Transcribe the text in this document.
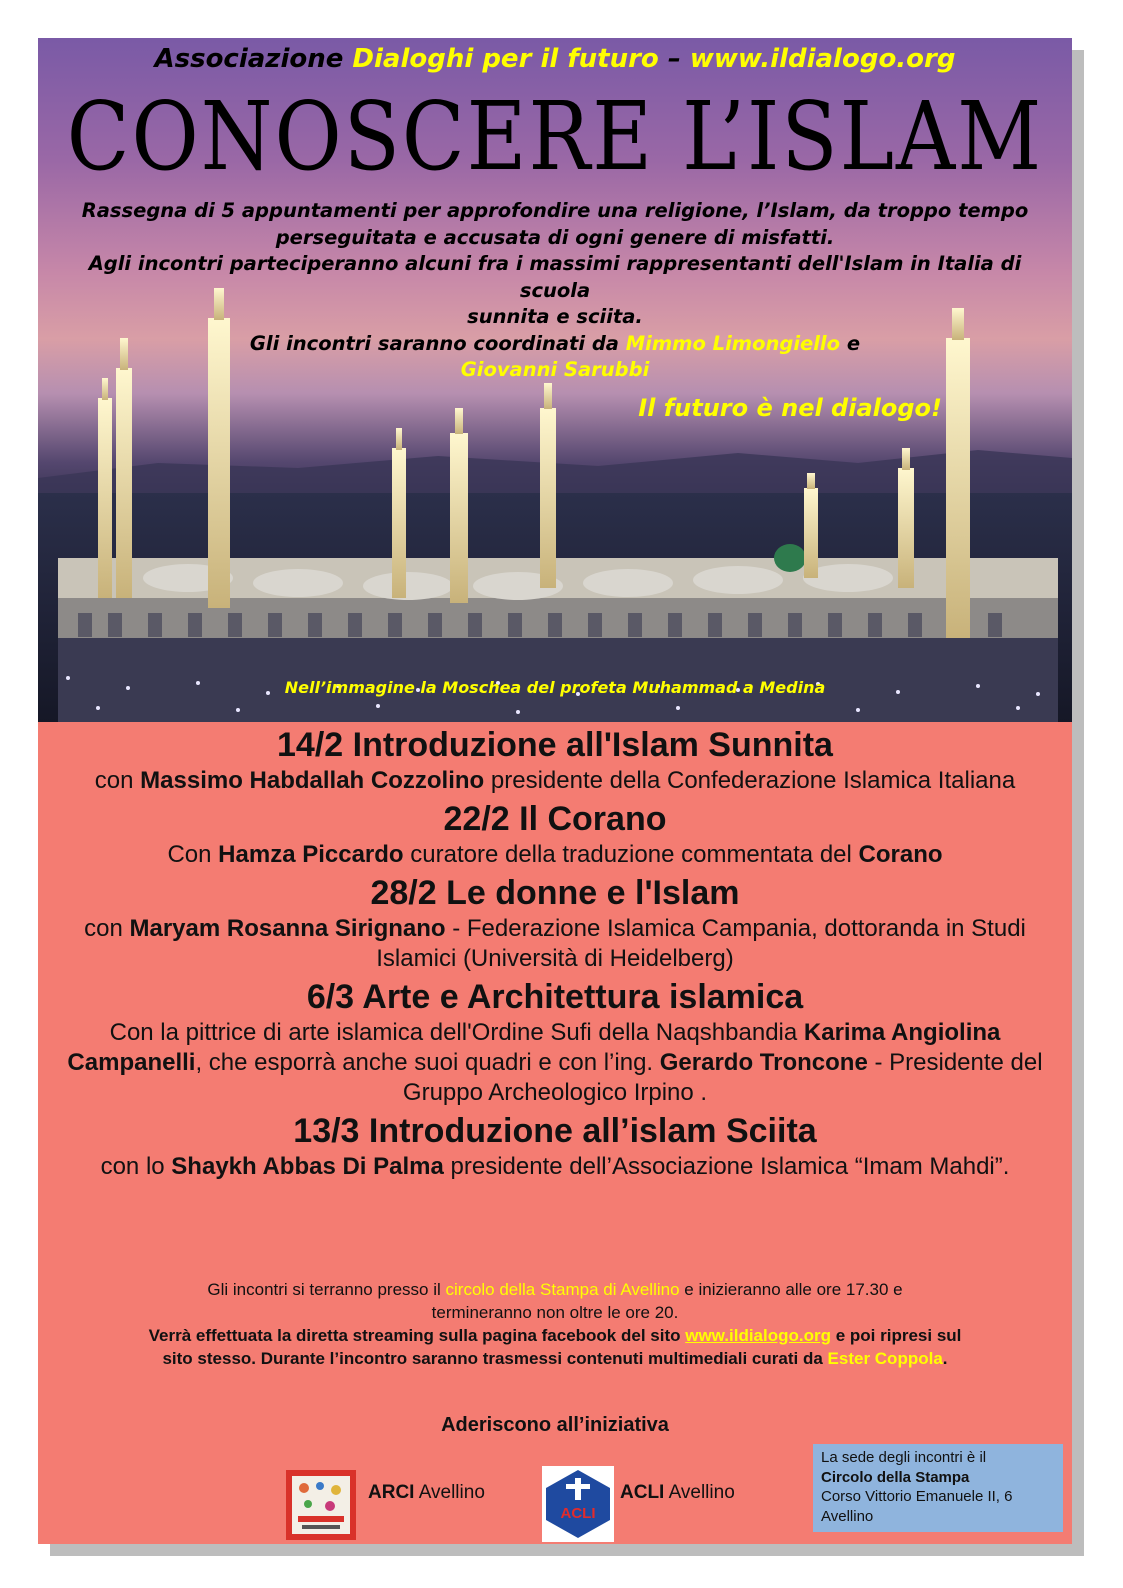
Associazione Dialoghi per il futuro – www.ildialogo.org
CONOSCERE L’ISLAM
Rassegna di 5 appuntamenti per approfondire una religione, l’Islam, da troppo tempo
perseguitata e accusata di ogni genere di misfatti.
Agli incontri parteciperanno alcuni fra i massimi rappresentanti dell'Islam in Italia di scuola
sunnita e sciita.
Gli incontri saranno coordinati da Mimmo Limongiello e
Giovanni Sarubbi
Il futuro è nel dialogo!
Nell’immagine la Moschea del profeta Muhammad a Medina

14/2 Introduzione all'Islam Sunnita

con Massimo Habdallah Cozzolino presidente della Confederazione Islamica Italiana

22/2 Il Corano

Con Hamza Piccardo curatore della traduzione commentata del Corano

28/2 Le donne e l'Islam

con Maryam Rosanna Sirignano - Federazione Islamica Campania, dottoranda in Studi Islamici (Università di Heidelberg)

6/3 Arte e Architettura islamica

Con la pittrice di arte islamica dell'Ordine Sufi della Naqshbandia Karima Angiolina Campanelli, che esporrà anche suoi quadri e con l’ing. Gerardo Troncone - Presidente del Gruppo Archeologico Irpino .

13/3 Introduzione all’islam Sciita

con lo Shaykh Abbas Di Palma presidente dell’Associazione Islamica “Imam Mahdi”.

Gli incontri si terranno presso il circolo della Stampa di Avellino e inizieranno alle ore 17.30 e
termineranno non oltre le ore 20.
Verrà effettuata la diretta streaming sulla pagina facebook del sito www.ildialogo.org e poi ripresi sul
sito stesso. Durante l’incontro saranno trasmessi contenuti multimediali curati da Ester Coppola.
Aderiscono all’iniziativa
ARCI Avellino
ACLI
ACLI Avellino
La sede degli incontri è il
Circolo della Stampa
Corso Vittorio Emanuele II, 6
Avellino
